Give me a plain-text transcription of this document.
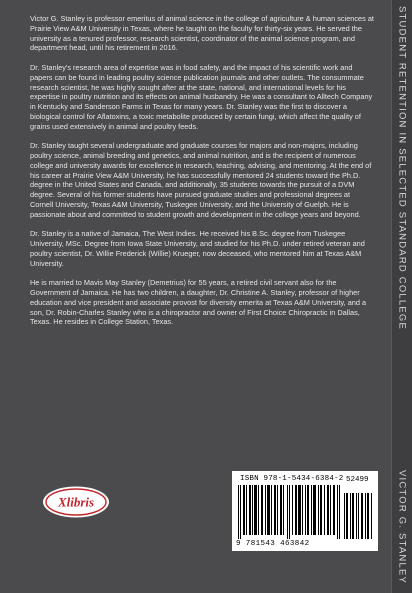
Victor G. Stanley is professor emeritus of animal science in the college of agriculture & human sciences at Prairie View A&M University in Texas, where he taught on the faculty for thirty-six years. He served the university as a tenured professor, research scientist, coordinator of the animal science program, and department head, until his retirement in 2016.

Dr. Stanley's research area of expertise was in food safety, and the impact of his scientific work and papers can be found in leading poultry science publication journals and other outlets. The consummate research scientist, he was highly sought after at the state, national, and international levels for his expertise in poultry nutrition and its effects on animal husbandry. He was a consultant to Alltech Company in Kentucky and Sanderson Farms in Texas for many years. Dr. Stanley was the first to discover a biological control for Aflatoxins, a toxic metabolite produced by certain fungi, which affect the quality of grains used extensively in animal and poultry feeds.

Dr. Stanley taught several undergraduate and graduate courses for majors and non-majors, including poultry science, animal breeding and genetics, and animal nutrition, and is the recipient of numerous college and university awards for excellence in research, teaching, advising, and mentoring. At the end of his career at Prairie View A&M University, he has successfully mentored 24 students toward the Ph.D. degree in the United States and Canada, and additionally, 35 students towards the pursuit of a DVM degree. Several of his former students have pursued graduate studies and professional degrees at Cornell University, Texas A&M University, Tuskegee University, and the University of Guelph. He is passionate about and committed to student growth and development in the college years and beyond.

Dr. Stanley is a native of Jamaica, The West Indies. He received his B.Sc. degree from Tuskegee University, MSc. Degree from Iowa State University, and studied for his Ph.D. under retired veteran and poultry scientist, Dr. Willie Frederick (Willie) Krueger, now deceased, who mentored him at Texas A&M University.

He is married to Mavis May Stanley (Demetrius) for 55 years, a retired civil servant also for the Government of Jamaica. He has two children, a daughter, Dr. Christine A. Stanley, professor of higher education and vice president and associate provost for diversity emerita at Texas A&M University, and a son, Dr. Robin-Charles Stanley who is a chiropractor and owner of First Choice Chiropractic in Dallas, Texas. He resides in College Station, Texas.

Xlibris
ISBN 978-1-5434-6384-2 52499
9 781543 463842
STUDENT RETENTION IN SELECTED STANDARD COLLEGE
VICTOR G. STANLEY
